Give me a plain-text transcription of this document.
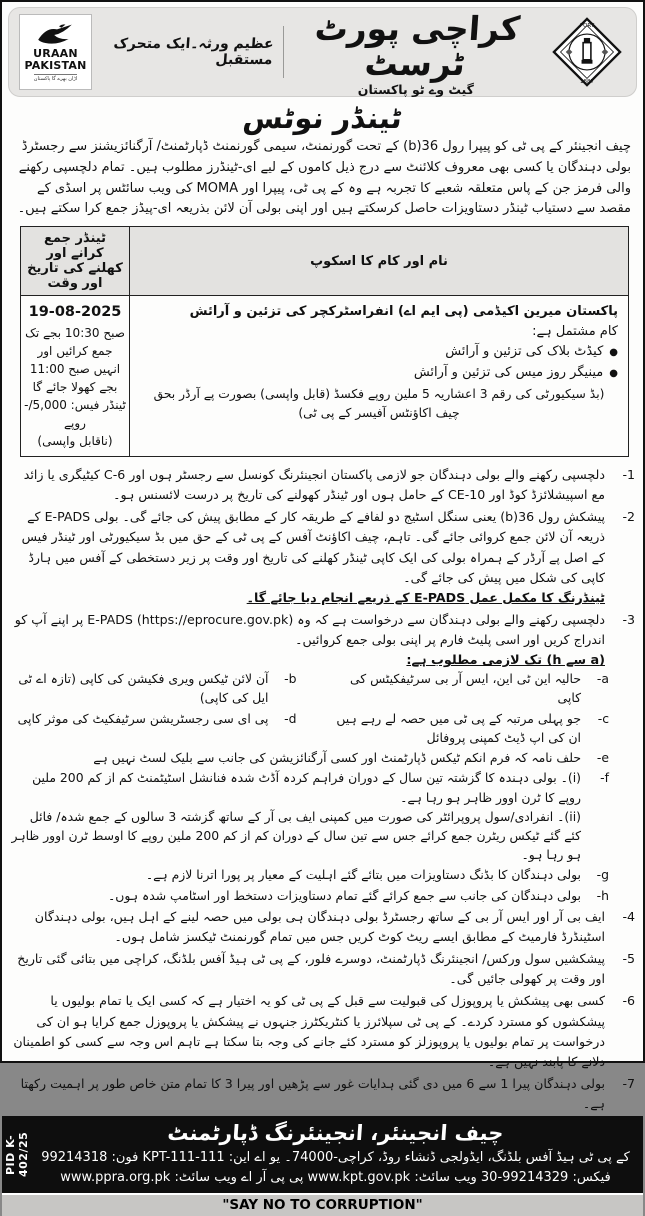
PORT
1887
کراچی پورٹ ٹرسٹ
گیٹ وے ٹو پاکستان
عظیم ورثہ۔ایک متحرک مستقبل
URAAN
PAKISTAN
اڑان بھرے گا پاکستان
ٹینڈر نوٹس

چیف انجینئر کے پی ٹی کو پیپرا رول 36(b) کے تحت گورنمنٹ، سیمی گورنمنٹ ڈپارٹمنٹ/ آرگنائزیشنز سے رجسٹرڈ بولی دہندگان یا کسی بھی معروف کلائنٹ سے درج ذیل کاموں کے لیے ای-ٹینڈرز مطلوب ہیں۔ تمام دلچسپی رکھنے والی فرمز جن کے پاس متعلقہ شعبے کا تجربہ ہے وہ کے پی ٹی، پیپرا اور MOMA کی ویب سائٹس پر اسڈی کے مقصد سے دستیاب ٹینڈر دستاویزات حاصل کرسکتے ہیں اور اپنی بولی آن لائن بذریعہ ای-پیڈز جمع کرا سکتے ہیں۔

نام اور کام کا اسکوپ	ٹینڈر جمع کرانے اور کھلنے کی تاریخ اور وقت

پاکستان میرین اکیڈمی (پی ایم اے) انفراسٹرکچر کی تزئین و آرائش
کام مشتمل ہے:
●
کیڈٹ بلاک کی تزئین و آرائش
●
مینیگر روز میس کی تزئین و آرائش
(بڈ سیکیورٹی کی رقم 3 اعشاریہ 5 ملین روپے فکسڈ (قابل واپسی) بصورت پے آرڈر بحق چیف اکاؤنٹس آفیسر کے پی ٹی)

19-08-2025
صبح 10:30 بجے تک جمع کرائیں اور انہیں صبح 11:00 بجے کھولا جائے گا
ٹینڈر فیس: 5,000/- روپے
(ناقابل واپسی)
1-
دلچسپی رکھنے والے بولی دہندگان جو لازمی پاکستان انجینئرنگ کونسل سے رجسٹر ہوں اور C-6 کیٹیگری یا زائد مع اسپیشلائزڈ کوڈ اور CE-10 کے حامل ہوں اور ٹینڈر کھولنے کی تاریخ پر درست لائسنس ہو۔
2-
پیشکش رول 36(b) یعنی سنگل اسٹیج دو لفافے کے طریقہ کار کے مطابق پیش کی جائے گی۔ بولی E-PADS کے ذریعہ آن لائن جمع کروائی جائے گی۔ تاہم، چیف اکاؤنٹ آفس کے پی ٹی کے حق میں بڈ سیکیورٹی اور ٹینڈر فیس کے اصل پے آرڈر کے ہمراہ بولی کی ایک کاپی ٹینڈر کھلنے کی تاریخ اور وقت پر زیر دستخطی کے آفس میں ہارڈ کاپی کی شکل میں پیش کی جائے گی۔
ٹینڈرنگ کا مکمل عمل E-PADS کے ذریعے انجام دیا جائے گا۔
3-
دلچسپی رکھنے والے بولی دہندگان سے درخواست ہے کہ وہ E-PADS (https://eprocure.gov.pk) پر اپنے آپ کو اندراج کریں اور اسی پلیٹ فارم پر اپنی بولی جمع کروائیں۔
(a سے h) تک لازمی مطلوب ہے:
a-
حالیہ این ٹی این، ایس آر بی سرٹیفکیٹس کی کاپی
b-
آن لائن ٹیکس ویری فکیشن کی کاپی (تازہ اے ٹی ایل کی کاپی)
c-
جو پہلی مرتبہ کے پی ٹی میں حصہ لے رہے ہیں ان کی اپ ڈیٹ کمپنی پروفائل
d-
پی ای سی رجسٹریشن سرٹیفکیٹ کی موثر کاپی
e-
حلف نامہ کہ فرم انکم ٹیکس ڈپارٹمنٹ اور کسی آرگنائزیشن کی جانب سے بلیک لسٹ نہیں ہے
f-
(i)۔ بولی دہندہ کا گزشتہ تین سال کے دوران فراہم کردہ آڈٹ شدہ فنانشل اسٹیٹمنٹ کم از کم 200 ملین روپے کا ٹرن اوور ظاہر ہو رہا ہے۔
(ii)۔ انفرادی/سول پروپرائٹر کی صورت میں کمپنی ایف بی آر کے ساتھ گزشتہ 3 سالوں کے جمع شدہ/ فائل کئے گئے ٹیکس ریٹرن جمع کرائے جس سے تین سال کے دوران کم از کم 200 ملین روپے کا اوسط ٹرن اوور ظاہر ہو رہا ہو۔
g-
بولی دہندگان کا بڈنگ دستاویزات میں بتائے گئے اہلیت کے معیار پر پورا اترنا لازم ہے۔
h-
بولی دہندگان کی جانب سے جمع کرائے گئے تمام دستاویزات دستخط اور اسٹامپ شدہ ہوں۔
4-
ایف بی آر اور ایس آر بی کے ساتھ رجسٹرڈ بولی دہندگان ہی بولی میں حصہ لینے کے اہل ہیں، بولی دہندگان اسٹینڈرڈ فارمیٹ کے مطابق ایسے ریٹ کوٹ کریں جس میں تمام گورنمنٹ ٹیکسز شامل ہوں۔
5-
پیشکشیں سول ورکس/ انجینئرنگ ڈپارٹمنٹ، دوسرے فلور، کے پی ٹی ہیڈ آفس بلڈنگ، کراچی میں بتائی گئی تاریخ اور وقت پر کھولی جائیں گی۔
6-
کسی بھی پیشکش یا پروپوزل کی قبولیت سے قبل کے پی ٹی کو یہ اختیار ہے کہ کسی ایک یا تمام بولیوں یا پیشکشوں کو مسترد کردے۔ کے پی ٹی سپلائرز یا کنٹریکٹرز جنہوں نے پیشکش یا پروپوزل جمع کرایا ہو ان کی درخواست پر تمام بولیوں یا پروپوزلز کو مسترد کئے جانے کی وجہ بتا سکتا ہے تاہم اس وجہ سے کسی کو اطمینان دلانے کا پابند نہیں ہے۔
7-
بولی دہندگان پیرا 1 سے 6 میں دی گئی ہدایات غور سے پڑھیں اور پیرا 3 کا تمام متن خاص طور پر اہمیت رکھتا ہے۔
PID K-402/25	چیف انجینئر، انجینئرنگ ڈپارٹمنٹ
کے پی ٹی ہیڈ آفس بلڈنگ، ایڈولجی ڈنشاء روڈ، کراچی-74000۔ یو اے این: 111-KPT-111 فون: 99214318
فیکس: 99214329-30 ویب سائٹ: www.kpt.gov.pk پی پی آر اے ویب سائٹ: www.ppra.org.pk
"SAY NO TO CORRUPTION"
